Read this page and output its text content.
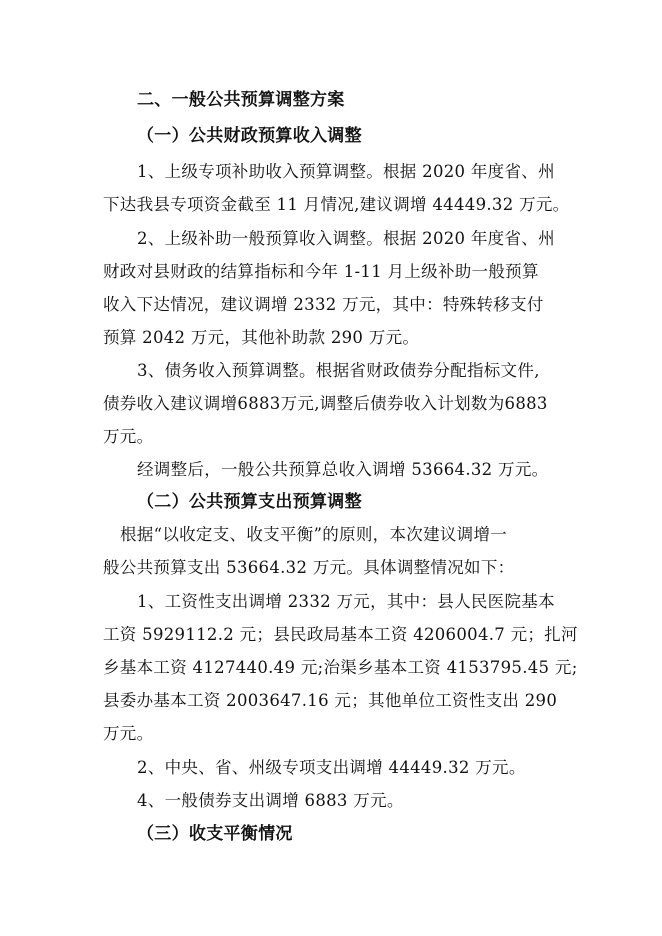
二、一般公共预算调整方案
（一）公共财政预算收入调整
1、上级专项补助收入预算调整。根据 2020 年度省、州
下达我县专项资金截至 11 月情况,建议调增 44449.32 万元。
2、上级补助一般预算收入调整。根据 2020 年度省、州
财政对县财政的结算指标和今年 1-11 月上级补助一般预算
收入下达情况，建议调增 2332 万元，其中：特殊转移支付
预算 2042 万元，其他补助款 290 万元。
3、债务收入预算调整。根据省财政债券分配指标文件,
债券收入建议调增6883万元,调整后债券收入计划数为6883
万元。
经调整后，一般公共预算总收入调增 53664.32 万元。
（二）公共预算支出预算调整
根据“以收定支、收支平衡”的原则，本次建议调增一
般公共预算支出 53664.32 万元。具体调整情况如下：
1、工资性支出调增 2332 万元，其中：县人民医院基本
工资 5929112.2 元；县民政局基本工资 4206004.7 元；扎河
乡基本工资 4127440.49 元;治渠乡基本工资 4153795.45 元;
县委办基本工资 2003647.16 元；其他单位工资性支出 290
万元。
2、中央、省、州级专项支出调增 44449.32 万元。
4、一般债券支出调增 6883 万元。
（三）收支平衡情况
